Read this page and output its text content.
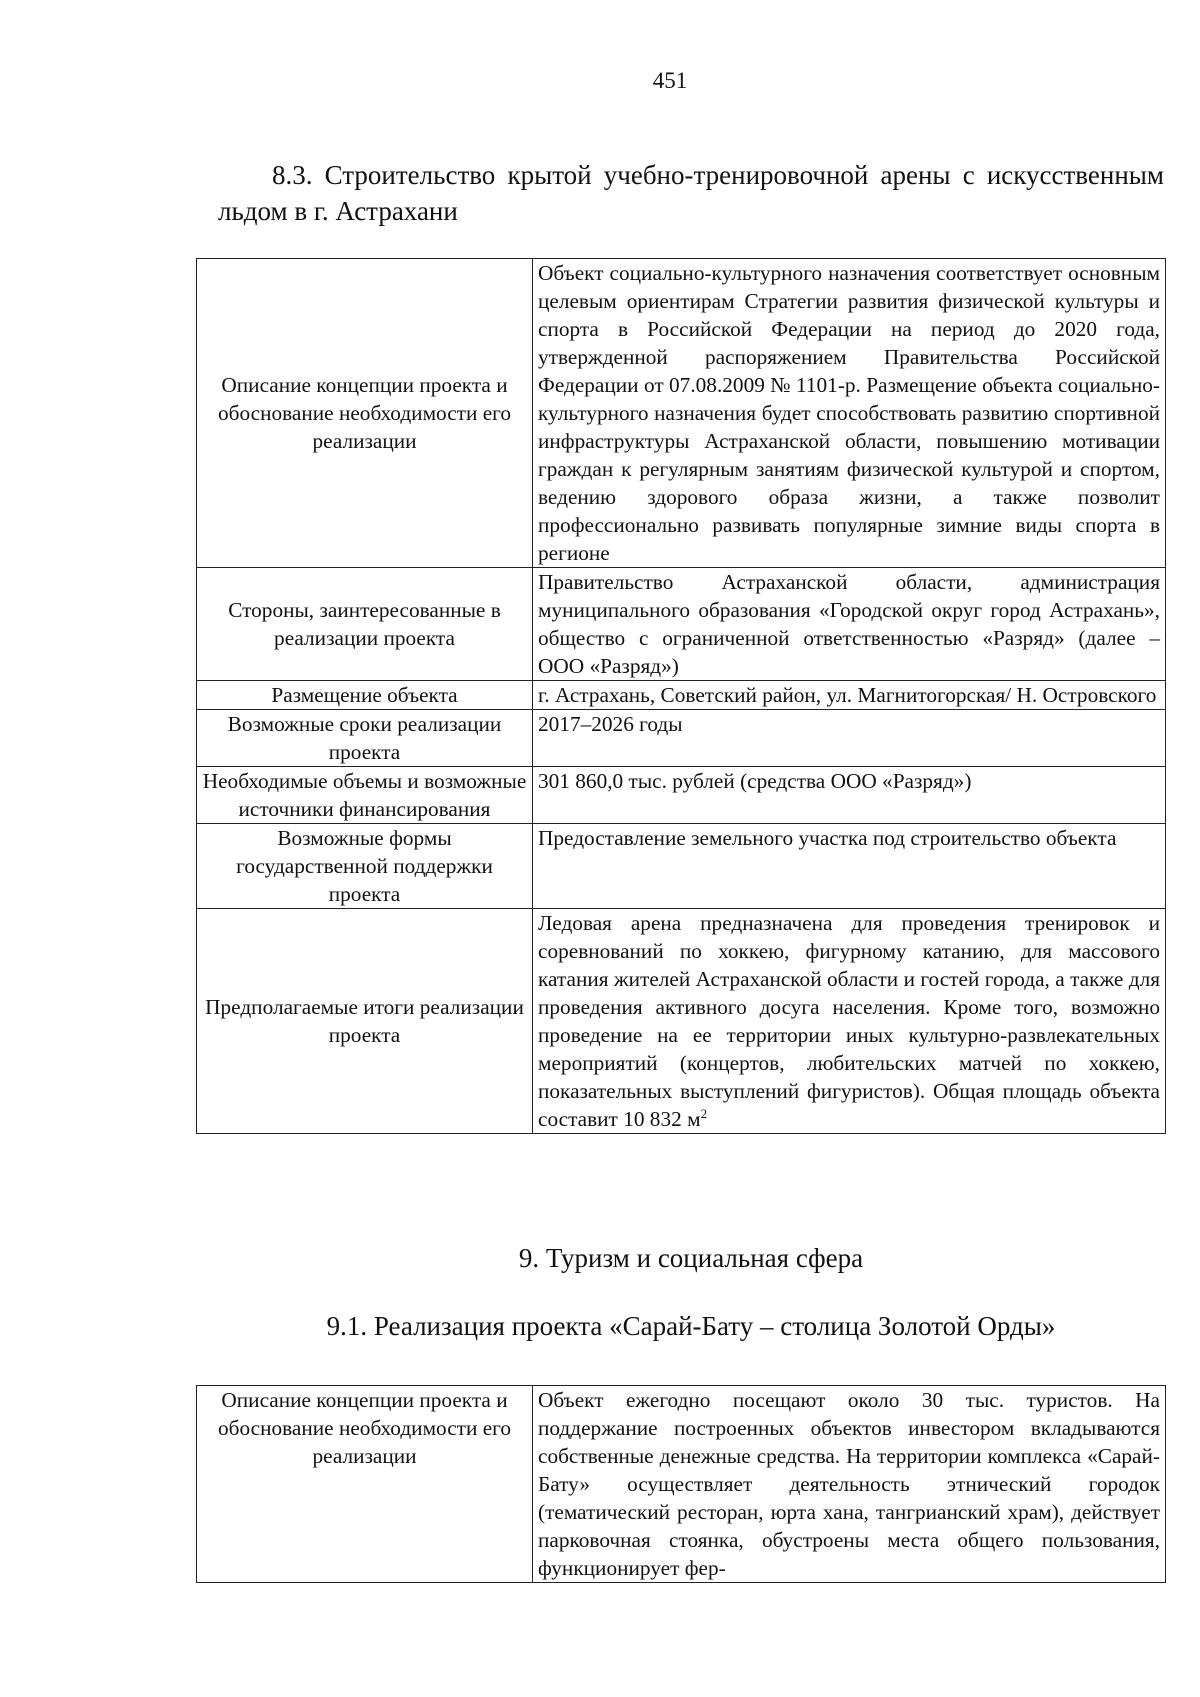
451
8.3. Строительство крытой учебно-тренировочной арены с искусственным льдом в г. Астрахани
Описание концепции проекта и обоснование необходимости его реализации	Объект социально-культурного назначения соответствует основным целевым ориентирам Стратегии развития физической культуры и спорта в Российской Федерации на период до 2020 года, утвержденной распоряжением Правительства Российской Федерации от 07.08.2009 № 1101-р. Размещение объекта социально-культурного назначения будет способствовать развитию спортивной инфраструктуры Астраханской области, повышению мотивации граждан к регулярным занятиям физической культурой и спортом, ведению здорового образа жизни, а также позволит профессионально развивать популярные зимние виды спорта в регионе
Стороны, заинтересованные в реализации проекта	Правительство Астраханской области, администрация муниципального образования «Городской округ город Астрахань», общество с ограниченной ответственностью «Разряд» (далее – ООО «Разряд»)
Размещение объекта	г. Астрахань, Советский район, ул. Магнитогорская/ Н. Островского
Возможные сроки реализации проекта	2017–2026 годы
Необходимые объемы и возможные источники финансирования	301 860,0 тыс. рублей (средства ООО «Разряд»)
Возможные формы государственной поддержки проекта	Предоставление земельного участка под строительство объекта
Предполагаемые итоги реализации проекта	Ледовая арена предназначена для проведения тренировок и соревнований по хоккею, фигурному катанию, для массового катания жителей Астраханской области и гостей города, а также для проведения активного досуга населения. Кроме того, возможно проведение на ее территории иных культурно-развлекательных мероприятий (концертов, любительских матчей по хоккею, показательных выступлений фигуристов). Общая площадь объекта составит 10 832 $м^2$
9. Туризм и социальная сфера
9.1. Реализация проекта «Сарай-Бату – столица Золотой Орды»
Описание концепции проекта и обоснование необходимости его реализации	Объект ежегодно посещают около 30 тыс. туристов. На поддержание построенных объектов инвестором вкладываются собственные денежные средства. На территории комплекса «Сарай-Бату» осуществляет деятельность этнический городок (тематический ресторан, юрта хана, тангрианский храм), действует парковочная стоянка, обустроены места общего пользования, функционирует фер-
